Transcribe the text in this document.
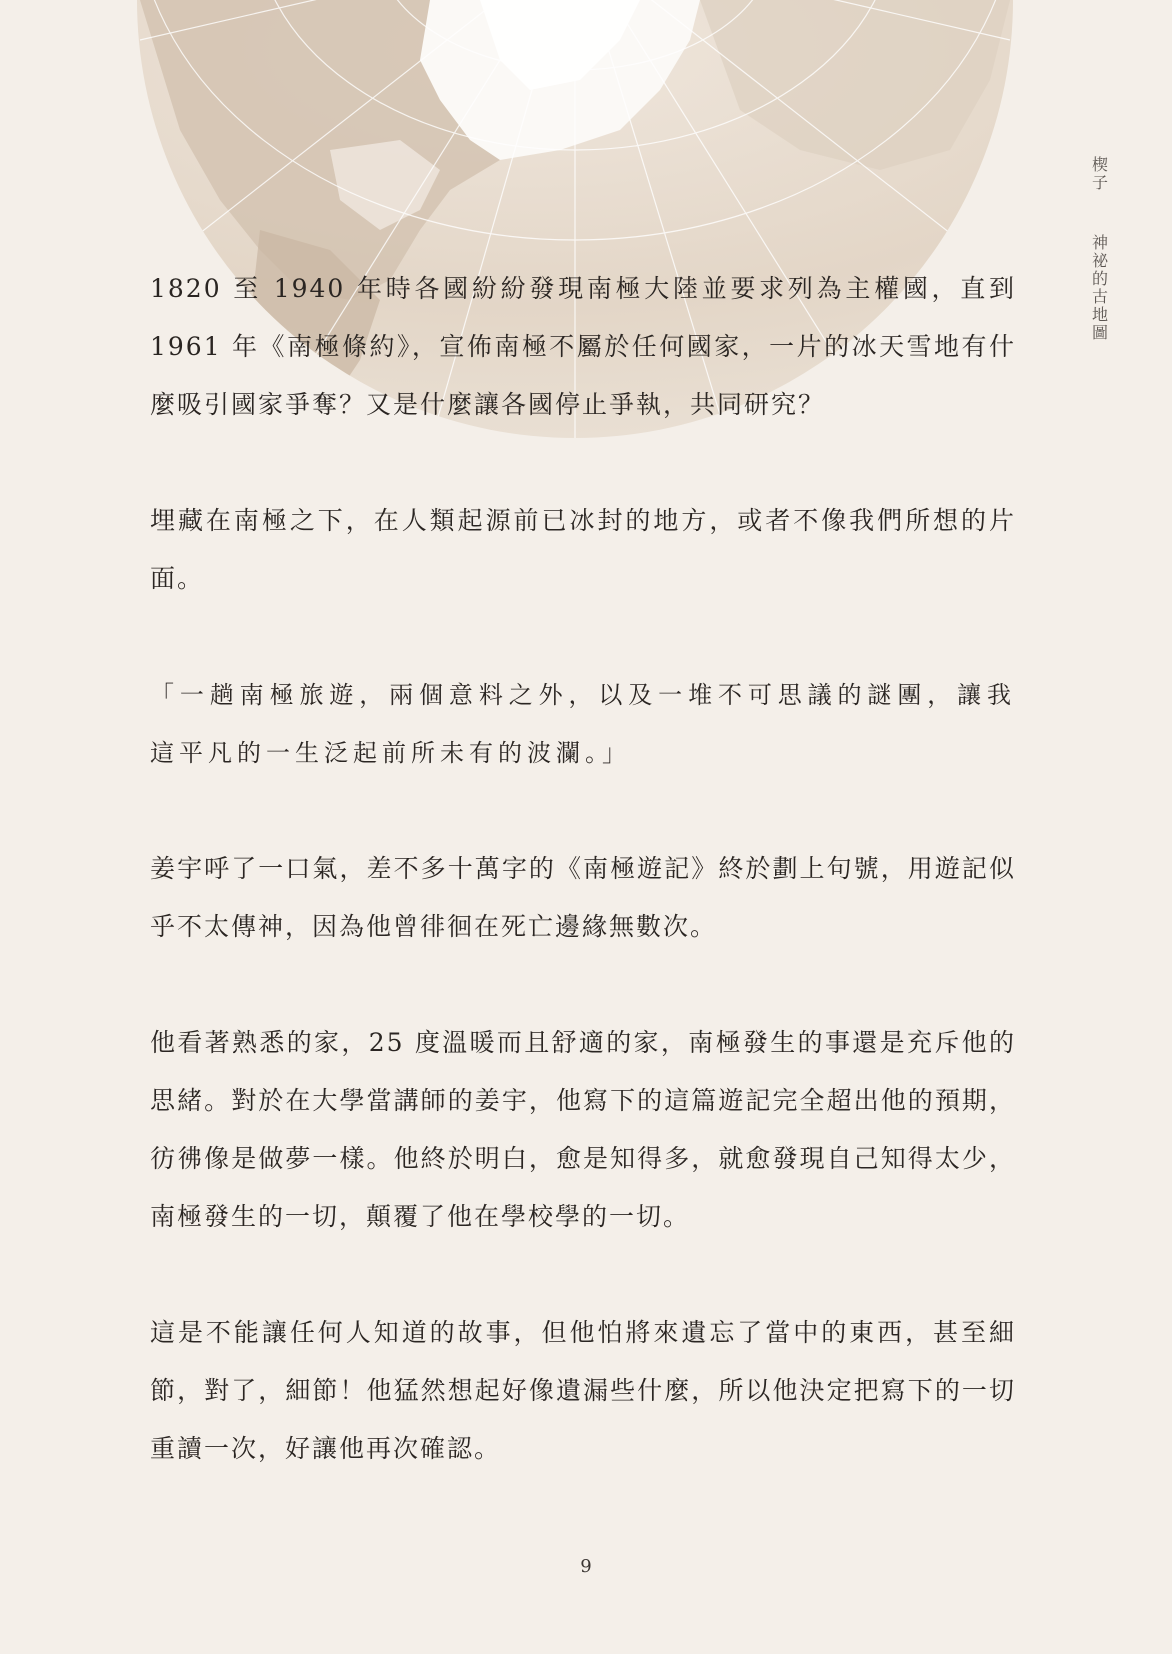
楔
子
神
祕
的
古
地
圖

1820 至 1940 年時各國紛紛發現南極大陸並要求列為主權國，直到 1961 年《南極條約》，宣佈南極不屬於任何國家，一片的冰天雪地有什麼吸引國家爭奪？又是什麼讓各國停止爭執，共同研究？

埋藏在南極之下，在人類起源前已冰封的地方，或者不像我們所想的片面。

「一趟南極旅遊，兩個意料之外，以及一堆不可思議的謎團，讓我這平凡的一生泛起前所未有的波瀾。」

姜宇呼了一口氣，差不多十萬字的《南極遊記》終於劃上句號，用遊記似乎不太傳神，因為他曾徘徊在死亡邊緣無數次。

他看著熟悉的家，25 度溫暖而且舒適的家，南極發生的事還是充斥他的思緒。對於在大學當講師的姜宇，他寫下的這篇遊記完全超出他的預期，彷彿像是做夢一樣。他終於明白，愈是知得多，就愈發現自己知得太少，南極發生的一切，顛覆了他在學校學的一切。

這是不能讓任何人知道的故事，但他怕將來遺忘了當中的東西，甚至細節，對了，細節！他猛然想起好像遺漏些什麼，所以他決定把寫下的一切重讀一次，好讓他再次確認。

9
